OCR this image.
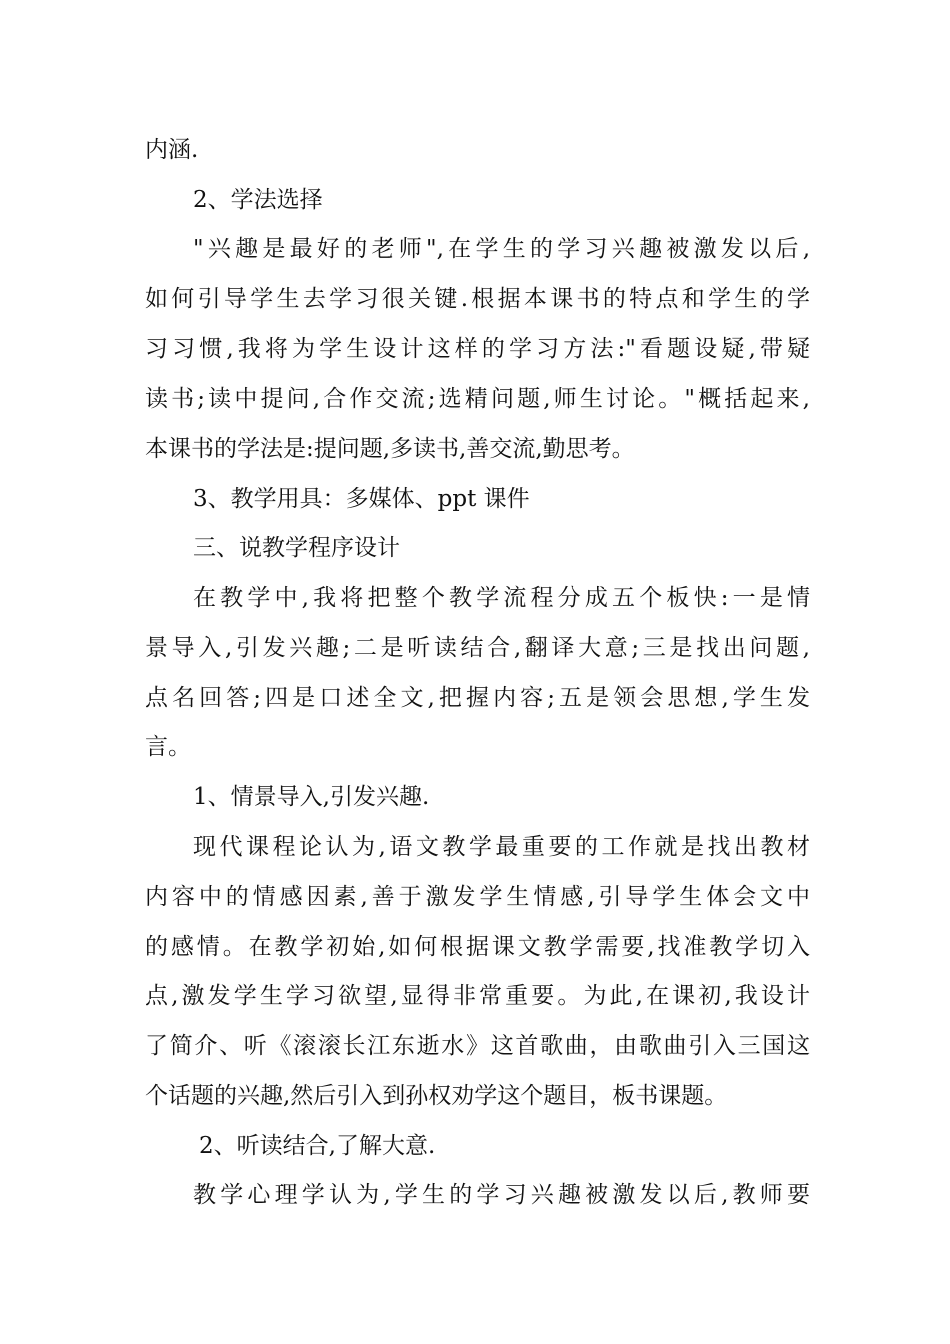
内涵.
2、学法选择
"兴趣是最好的老师",在学生的学习兴趣被激发以后,
如何引导学生去学习很关键.根据本课书的特点和学生的学
习习惯,我将为学生设计这样的学习方法:"看题设疑,带疑
读书;读中提问,合作交流;选精问题,师生讨论。"概括起来,
本课书的学法是:提问题,多读书,善交流,勤思考。
3、教学用具：多媒体、ppt 课件
三、说教学程序设计
在教学中,我将把整个教学流程分成五个板快:一是情
景导入,引发兴趣;二是听读结合,翻译大意;三是找出问题,
点名回答;四是口述全文,把握内容;五是领会思想,学生发
言。
1、情景导入,引发兴趣.
现代课程论认为,语文教学最重要的工作就是找出教材
内容中的情感因素,善于激发学生情感,引导学生体会文中
的感情。在教学初始,如何根据课文教学需要,找准教学切入
点,激发学生学习欲望,显得非常重要。为此,在课初,我设计
了简介、听《滚滚长江东逝水》这首歌曲，由歌曲引入三国这
个话题的兴趣,然后引入到孙权劝学这个题目，板书课题。
2、听读结合,了解大意.
教学心理学认为,学生的学习兴趣被激发以后,教师要
